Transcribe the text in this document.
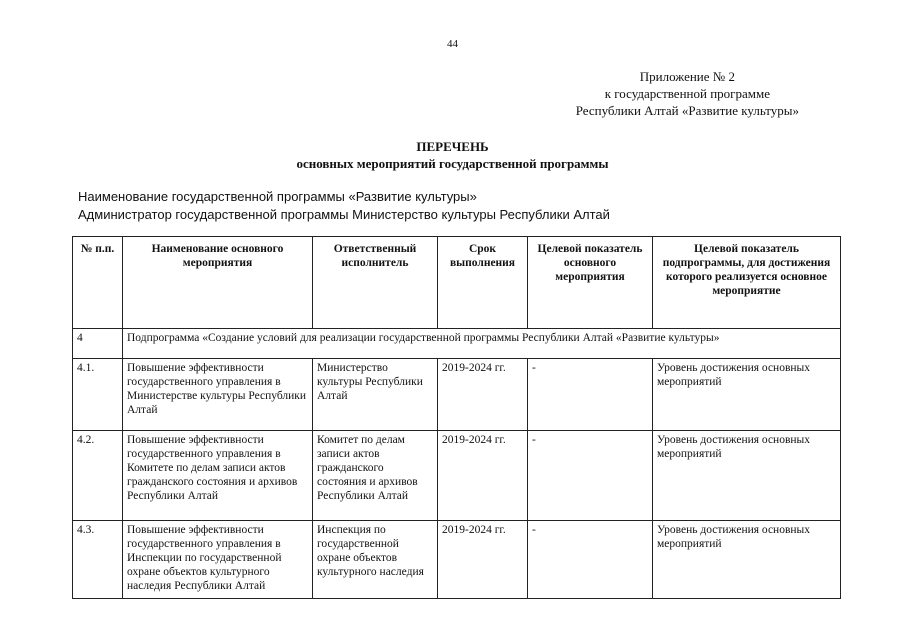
44
Приложение № 2
к государственной программе
Республики Алтай «Развитие культуры»
ПЕРЕЧЕНЬ
основных мероприятий государственной программы
Наименование государственной программы «Развитие культуры»
Администратор государственной программы Министерство культуры Республики Алтай
№ п.п.	Наименование основного мероприятия	Ответственный исполнитель	Срок выполнения	Целевой показатель основного мероприятия	Целевой показатель подпрограммы, для достижения которого реализуется основное мероприятие
4	Подпрограмма «Создание условий для реализации государственной программы Республики Алтай «Развитие культуры»				
4.1.	Повышение эффективности государственного управления в Министерстве культуры Республики Алтай	Министерство культуры Республики Алтай	2019-2024 гг.	-	Уровень достижения основных мероприятий
4.2.	Повышение эффективности государственного управления в Комитете по делам записи актов гражданского состояния и архивов Республики Алтай	Комитет по делам записи актов гражданского состояния и архивов Республики Алтай	2019-2024 гг.	-	Уровень достижения основных мероприятий
4.3.	Повышение эффективности государственного управления в Инспекции по государственной охране объектов культурного наследия Республики Алтай	Инспекция по государственной охране объектов культурного наследия	2019-2024 гг.	-	Уровень достижения основных мероприятий
